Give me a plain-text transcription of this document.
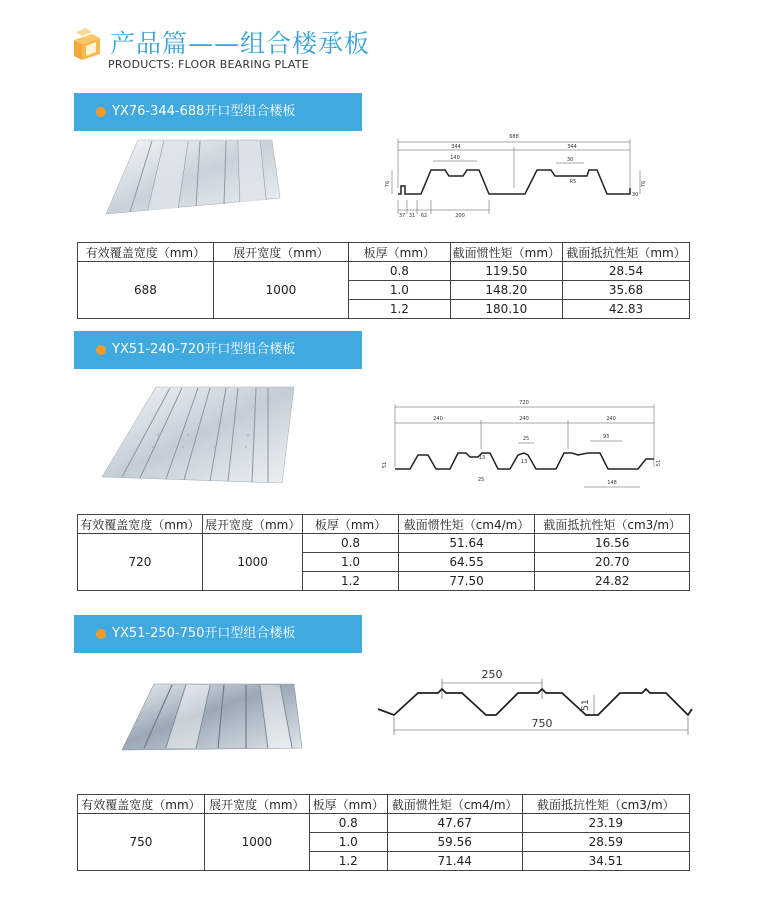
产品篇——组合楼承板
PRODUCTS: FLOOR BEARING PLATE
YX76-344-688开口型组合楼板
688
344	344
140	30
R5
76	76
30
37 31 62	200
有效覆盖宽度（mm）	展开宽度（mm）	板厚（mm）	截面惯性矩（mm）	截面抵抗性矩（mm）
688	1000	0.8	119.50	28.54
		1.0	148.20	35.68
		1.2	180.10	42.83
YX51-240-720开口型组合楼板
720
240	240	240
25	93
13
13
25	148
51	51
有效覆盖宽度（mm）	展开宽度（mm）	板厚（mm）	截面惯性矩（cm4/m）	截面抵抗性矩（cm3/m）
720	1000	0.8	51.64	16.56
		1.0	64.55	20.70
		1.2	77.50	24.82
YX51-250-750开口型组合楼板
250
51
750
有效覆盖宽度（mm）	展开宽度（mm）	板厚（mm）	截面惯性矩（cm4/m）	截面抵抗性矩（cm3/m）
750	1000	0.8	47.67	23.19
		1.0	59.56	28.59
		1.2	71.44	34.51
